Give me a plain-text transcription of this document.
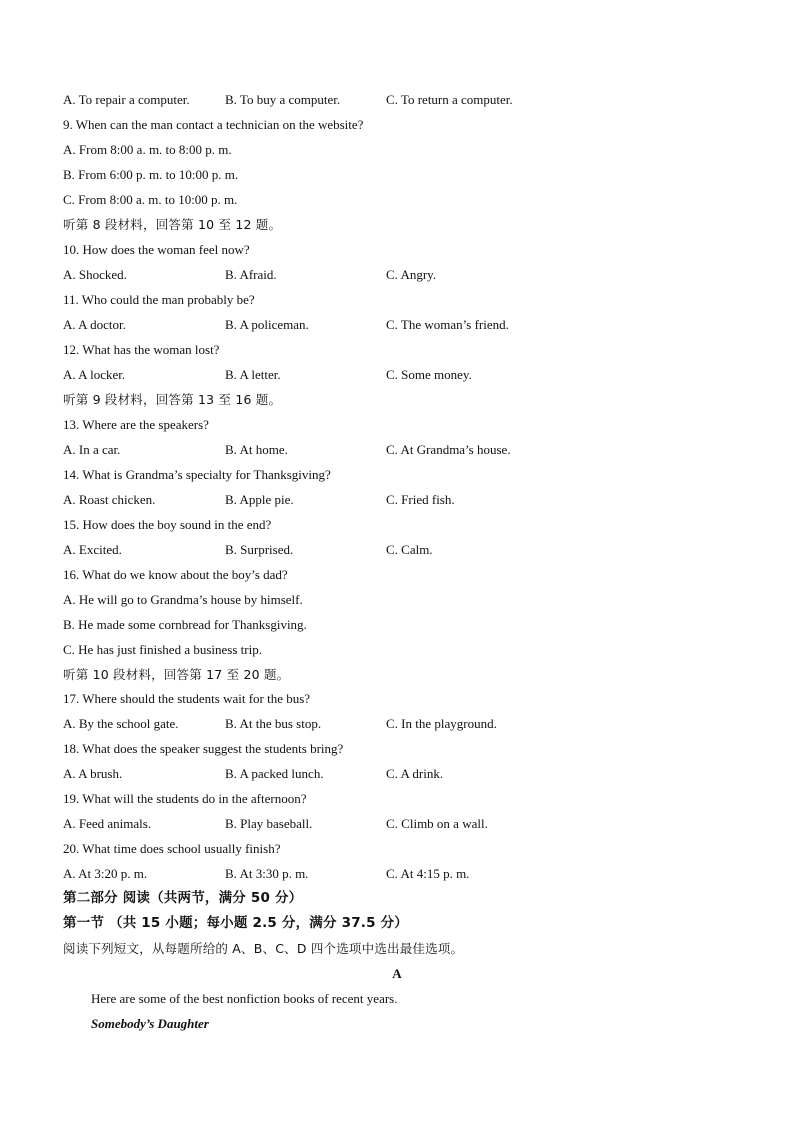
A. To repair a computer.	B. To buy a computer.	C. To return a computer.
9. When can the man contact a technician on the website?
A. From 8:00 a. m. to 8:00 p. m.
B. From 6:00 p. m. to 10:00 p. m.
C. From 8:00 a. m. to 10:00 p. m.
听第 8 段材料，回答第 10 至 12 题。
10. How does the woman feel now?
A. Shocked.	B. Afraid.	C. Angry.
11. Who could the man probably be?
A. A doctor.	B. A policeman.	C. The woman’s friend.
12. What has the woman lost?
A. A locker.	B. A letter.	C. Some money.
听第 9 段材料，回答第 13 至 16 题。
13. Where are the speakers?
A. In a car.	B. At home.	C. At Grandma’s house.
14. What is Grandma’s specialty for Thanksgiving?
A. Roast chicken.	B. Apple pie.	C. Fried fish.
15. How does the boy sound in the end?
A. Excited.	B. Surprised.	C. Calm.
16. What do we know about the boy’s dad?
A. He will go to Grandma’s house by himself.
B. He made some cornbread for Thanksgiving.
C. He has just finished a business trip.
听第 10 段材料，回答第 17 至 20 题。
17. Where should the students wait for the bus?
A. By the school gate.	B. At the bus stop.	C. In the playground.
18. What does the speaker suggest the students bring?
A. A brush.	B. A packed lunch.	C. A drink.
19. What will the students do in the afternoon?
A. Feed animals.	B. Play baseball.	C. Climb on a wall.
20. What time does school usually finish?
A. At 3:20 p. m.	B. At 3:30 p. m.	C. At 4:15 p. m.
第二部分 阅读（共两节，满分 50 分）
第一节 （共 15 小题；每小题 2.5 分，满分 37.5 分）
阅读下列短文，从每题所给的 A、B、C、D 四个选项中选出最佳选项。
A
Here are some of the best nonfiction books of recent years.
Somebody’s Daughter
